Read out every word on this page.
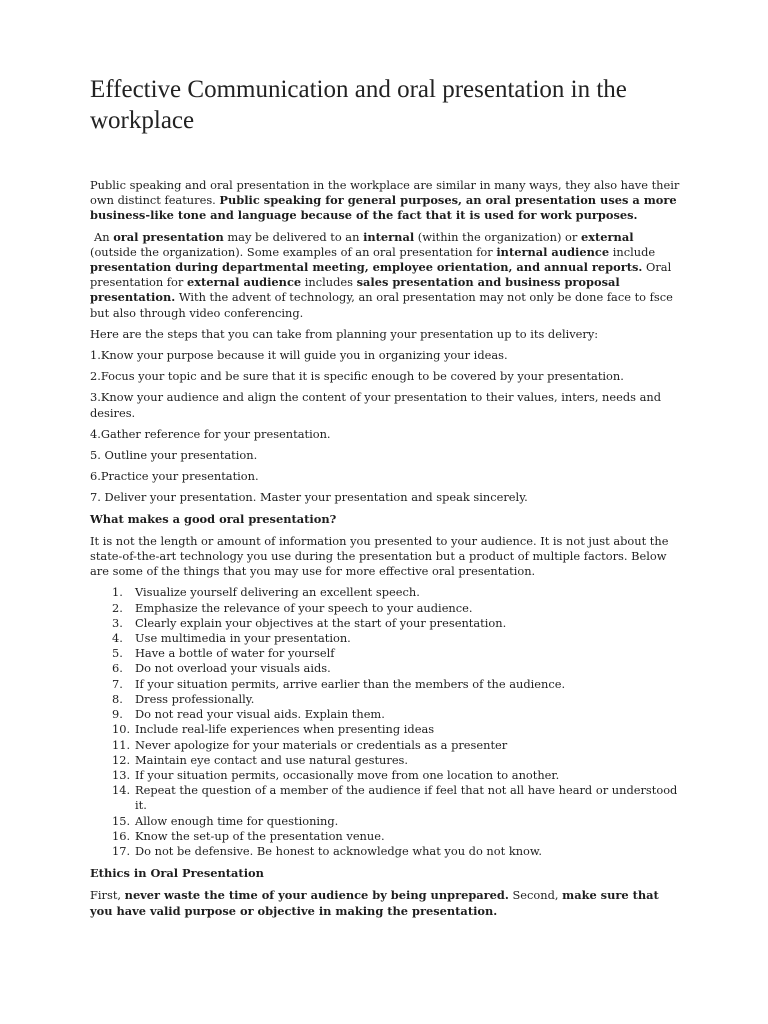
Effective Communication and oral presentation in the workplace

Public speaking and oral presentation in the workplace are similar in many ways, they also have their own distinct features. Public speaking for general purposes, an oral presentation uses a more business-like tone and language because of the fact that it is used for work purposes.

An oral presentation may be delivered to an internal (within the organization) or external (outside the organization). Some examples of an oral presentation for internal audience include presentation during departmental meeting, employee orientation, and annual reports. Oral presentation for external audience includes sales presentation and business proposal presentation. With the advent of technology, an oral presentation may not only be done face to fsce but also through video conferencing.

Here are the steps that you can take from planning your presentation up to its delivery:

1.Know your purpose because it will guide you in organizing your ideas.

2.Focus your topic and be sure that it is specific enough to be covered by your presentation.

3.Know your audience and align the content of your presentation to their values, inters, needs and desires.

4.Gather reference for your presentation.

5. Outline your presentation.

6.Practice your presentation.

7. Deliver your presentation. Master your presentation and speak sincerely.

What makes a good oral presentation?

It is not the length or amount of information you presented to your audience. It is not just about the state-of-the-art technology you use during the presentation but a product of multiple factors. Below are some of the things that you may use for more effective oral presentation.

1.	Visualize yourself delivering an excellent speech.
2.	Emphasize the relevance of your speech to your audience.
3.	Clearly explain your objectives at the start of your presentation.
4.	Use multimedia in your presentation.
5.	Have a bottle of water for yourself
6.	Do not overload your visuals aids.
7.	If your situation permits, arrive earlier than the members of the audience.
8.	Dress professionally.
9.	Do not read your visual aids. Explain them.
10. Include real-life experiences when presenting ideas
11. Never apologize for your materials or credentials as a presenter
12. Maintain eye contact and use natural gestures.
13. If your situation permits, occasionally move from one location to another.
14. Repeat the question of a member of the audience if feel that not all have heard or understood it.
15. Allow enough time for questioning.
16. Know the set-up of the presentation venue.
17. Do not be defensive. Be honest to acknowledge what you do not know.

Ethics in Oral Presentation

First, never waste the time of your audience by being unprepared. Second, make sure that you have valid purpose or objective in making the presentation.
